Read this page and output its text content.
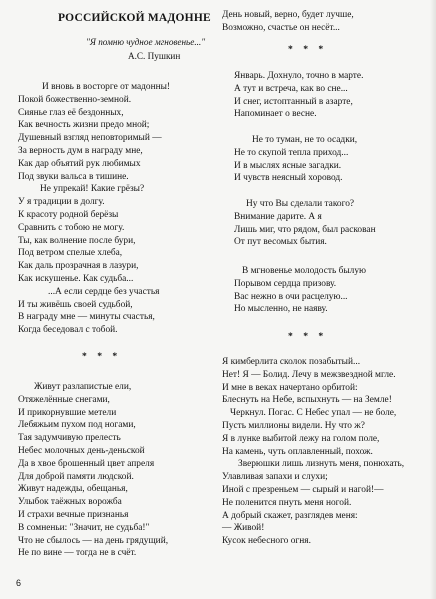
РОССИЙСКОЙ МАДОННЕ
"Я помню чудное мгновенье..."
А.С. Пушкин
И вновь в восторге от мадонны!
Покой божественно-земной.
Сиянье глаз её бездонных,
Как вечность жизни предо мной;
Душевный взгляд неповторимый —
За верность дум в награду мне,
Как дар объятий рук любимых
Под звуки вальса в тишине.
Не упрекай! Какие грёзы?
У я традиции в долгу.
К красоту родной берёзы
Сравнить с тобою не могу.
Ты, как волнение после бури,
Под ветром спелые хлеба,
Как даль прозрачная в лазури,
Как искушенье. Как судьба...
...А если сердце без участья
И ты живёшь своей судьбой,
В награду мне — минуты счастья,
Когда беседовал с тобой.
* * *
Живут разлапистые ели,
Отяжелённые снегами,
И прикорнувшие метели
Лебяжьим пухом под ногами,
Тая задумчивую прелесть
Небес молочных день-деньской
Да в хвое брошенный цвет апреля
Для доброй памяти людской.
Живут надежды, обещанья,
Улыбок таёжных ворожба
И страхи вечные признанья
В сомненьи: "Значит, не судьба!"
Что не сбылось — на день грядущий,
Не по вине — тогда не в счёт.
День новый, верно, будет лучше,
Возможно, счастье он несёт...
* * *
Январь. Дохнуло, точно в марте.
А тут и встреча, как во сне...
И снег, истоптанный в азарте,
Напоминает о весне.
Не то туман, не то осадки,
Не то скупой тепла приход...
И в мыслях ясные загадки.
И чувств неясный хоровод.
Ну что Вы сделали такого?
Внимание дарите. А я
Лишь миг, что рядом, был раскован
От пут весомых бытия.
В мгновенье молодость былую
Порывом сердца призову.
Вас нежно в очи расцелую...
Но мысленно, не наяву.
* * *
Я кимберлита сколок позабытый...
Нет! Я — Болид. Лечу в межзвездной мгле.
И мне в веках начертано орбитой:
Блеснуть на Небе, вспыхнуть — на Земле!
Черкнул. Погас. С Небес упал — не боле,
Пусть миллионы видели. Ну что ж?
Я в лунке выбитой лежу на голом поле,
На камень, чуть оплавленный, похож.
Зверюшки лишь лизнуть меня, понюхать,
Улавливая запахи и слухи;
Иной с презреньем — сырый и нагой!—
Не поленится пнуть меня ногой.
А добрый скажет, разглядев меня:
— Живой!
Кусок небесного огня.
6
